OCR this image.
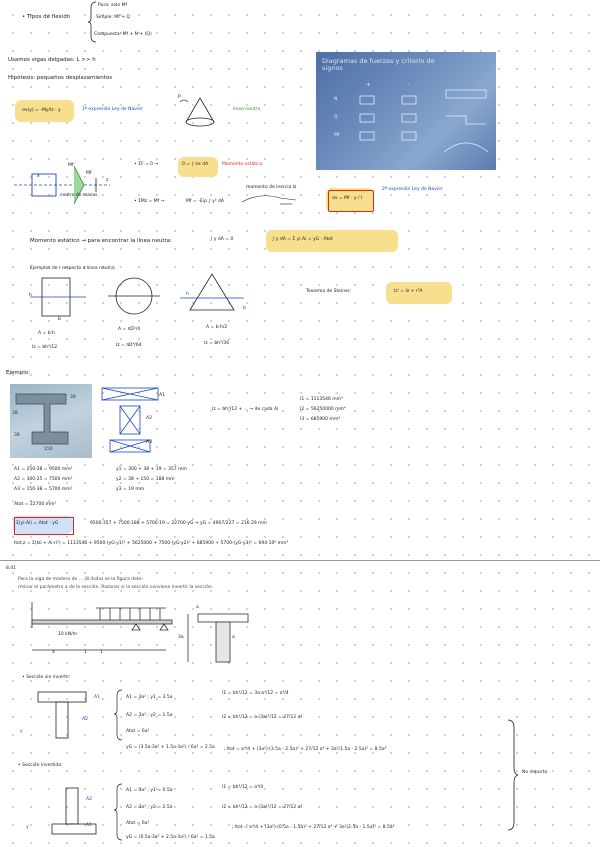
• Tipos de flexión
Pura: solo Mf
Simple: Mf + Q
Compuesta: Mf + N + (Q)
Usamos vigas delgadas: L >> h
Hipótesis: pequeños desplazamientos
σx(y) = -My/Iz · y	1ª expresión Ley de Navier
P
línea neutra
Diagramas de fuerzas y criterio de signos
N
Q
Mf
+	-
x
Mf
Mf
z
centro de masas
• ΣF = 0 →	0 = ∫ σx dA	Momento estático
• ΣMz = Mf →	Mf = -E/ρ ∫ y² dA
momento de inercia Iz
σx = Mf · y / I
2ª expresión Ley de Navier
Momento estático → para encontrar la línea neutra:	∫ y dA = 0	∫ y dA = Σ yi Ai = yG · Atot
Ejemplos de I respecto a línea neutra:
h
b
h
b
A = b·h
Iz = bh³/12
A = πD²/4
Iz = πD⁴/64
A = b·h/2
Iz = bh³/36
Teorema de Steiner:	Iz' = Iz + r²A
Ejemplo:
38
38
38
150
A1
A2
A3
Iz = bh³/12 + ... → de cada Ai
I1 = 1113546 mm⁴
I2 = 56250000 mm⁴
I3 = 685900 mm⁴
A1 = 250·38 = 9500 mm²
A2 = 300·25 = 7500 mm²
A3 = 150·38 = 5700 mm²
y1 = 300 + 38 + 19 = 357 mm
y2 = 38 + 150 = 188 mm
y3 = 19 mm
Atot = 22700 mm²
Σ(yi·Ai) = Atot · yG	9500·357 + 7500·188 + 5700·19 = 22700·yG → yG = 4907/227 = 216.29 mm
Itot,z = Σ(Izi + Ai·ri²) = 1113546 + 9500·(yG-y1)² + 5625000 + 7500·(yG-y2)² + 685900 + 5700·(yG-y3)² = 694·10⁶ mm⁴
8.41
Para la viga de madera de ... (8.4x4a) se la figura dete-
rminar el parámetro a de la sección. Razonar si la sección conviene invertir la sección.
10 kN/m
4	1	1
a
a
3a
• Sección sin invertir:
A1
A2
y
A1 = 3a² ; y1 = 3.5a
A2 = 3a² ; y2 = 1.5a
Atot = 6a²
yG = (3.5a·3a² + 1.5a·3a²) / 6a² = 2.5a
I1 = bh³/12 = 3a·a³/12 = a⁴/4
I2 = bh³/12 = a·(3a)³/12 = 27/12 a⁴
; Itot = a⁴/4 + (3a²)·(3.5a - 2.5a)² + 27/12 a⁴ + 3a²(1.5a - 2.5a)² = 8.5a⁴
• Sección invertida:
A2
A1
y
A1 = 3a² ; y1 = 0.5a
A2 = 3a² ; y2 = 2.5a
Atot = 6a²
yG = (0.5a·3a² + 2.5a·3a²) / 6a² = 1.5a
I1 = bh³/12 = a⁴/4
I2 = bh³/12 = a·(3a)³/12 = 27/12 a⁴
; Itot = a⁴/4 + (3a²)·(0.5a - 1.5a)² + 27/12 a⁴ + 3a²(2.5a - 1.5a)² = 8.5a⁴
No importa
